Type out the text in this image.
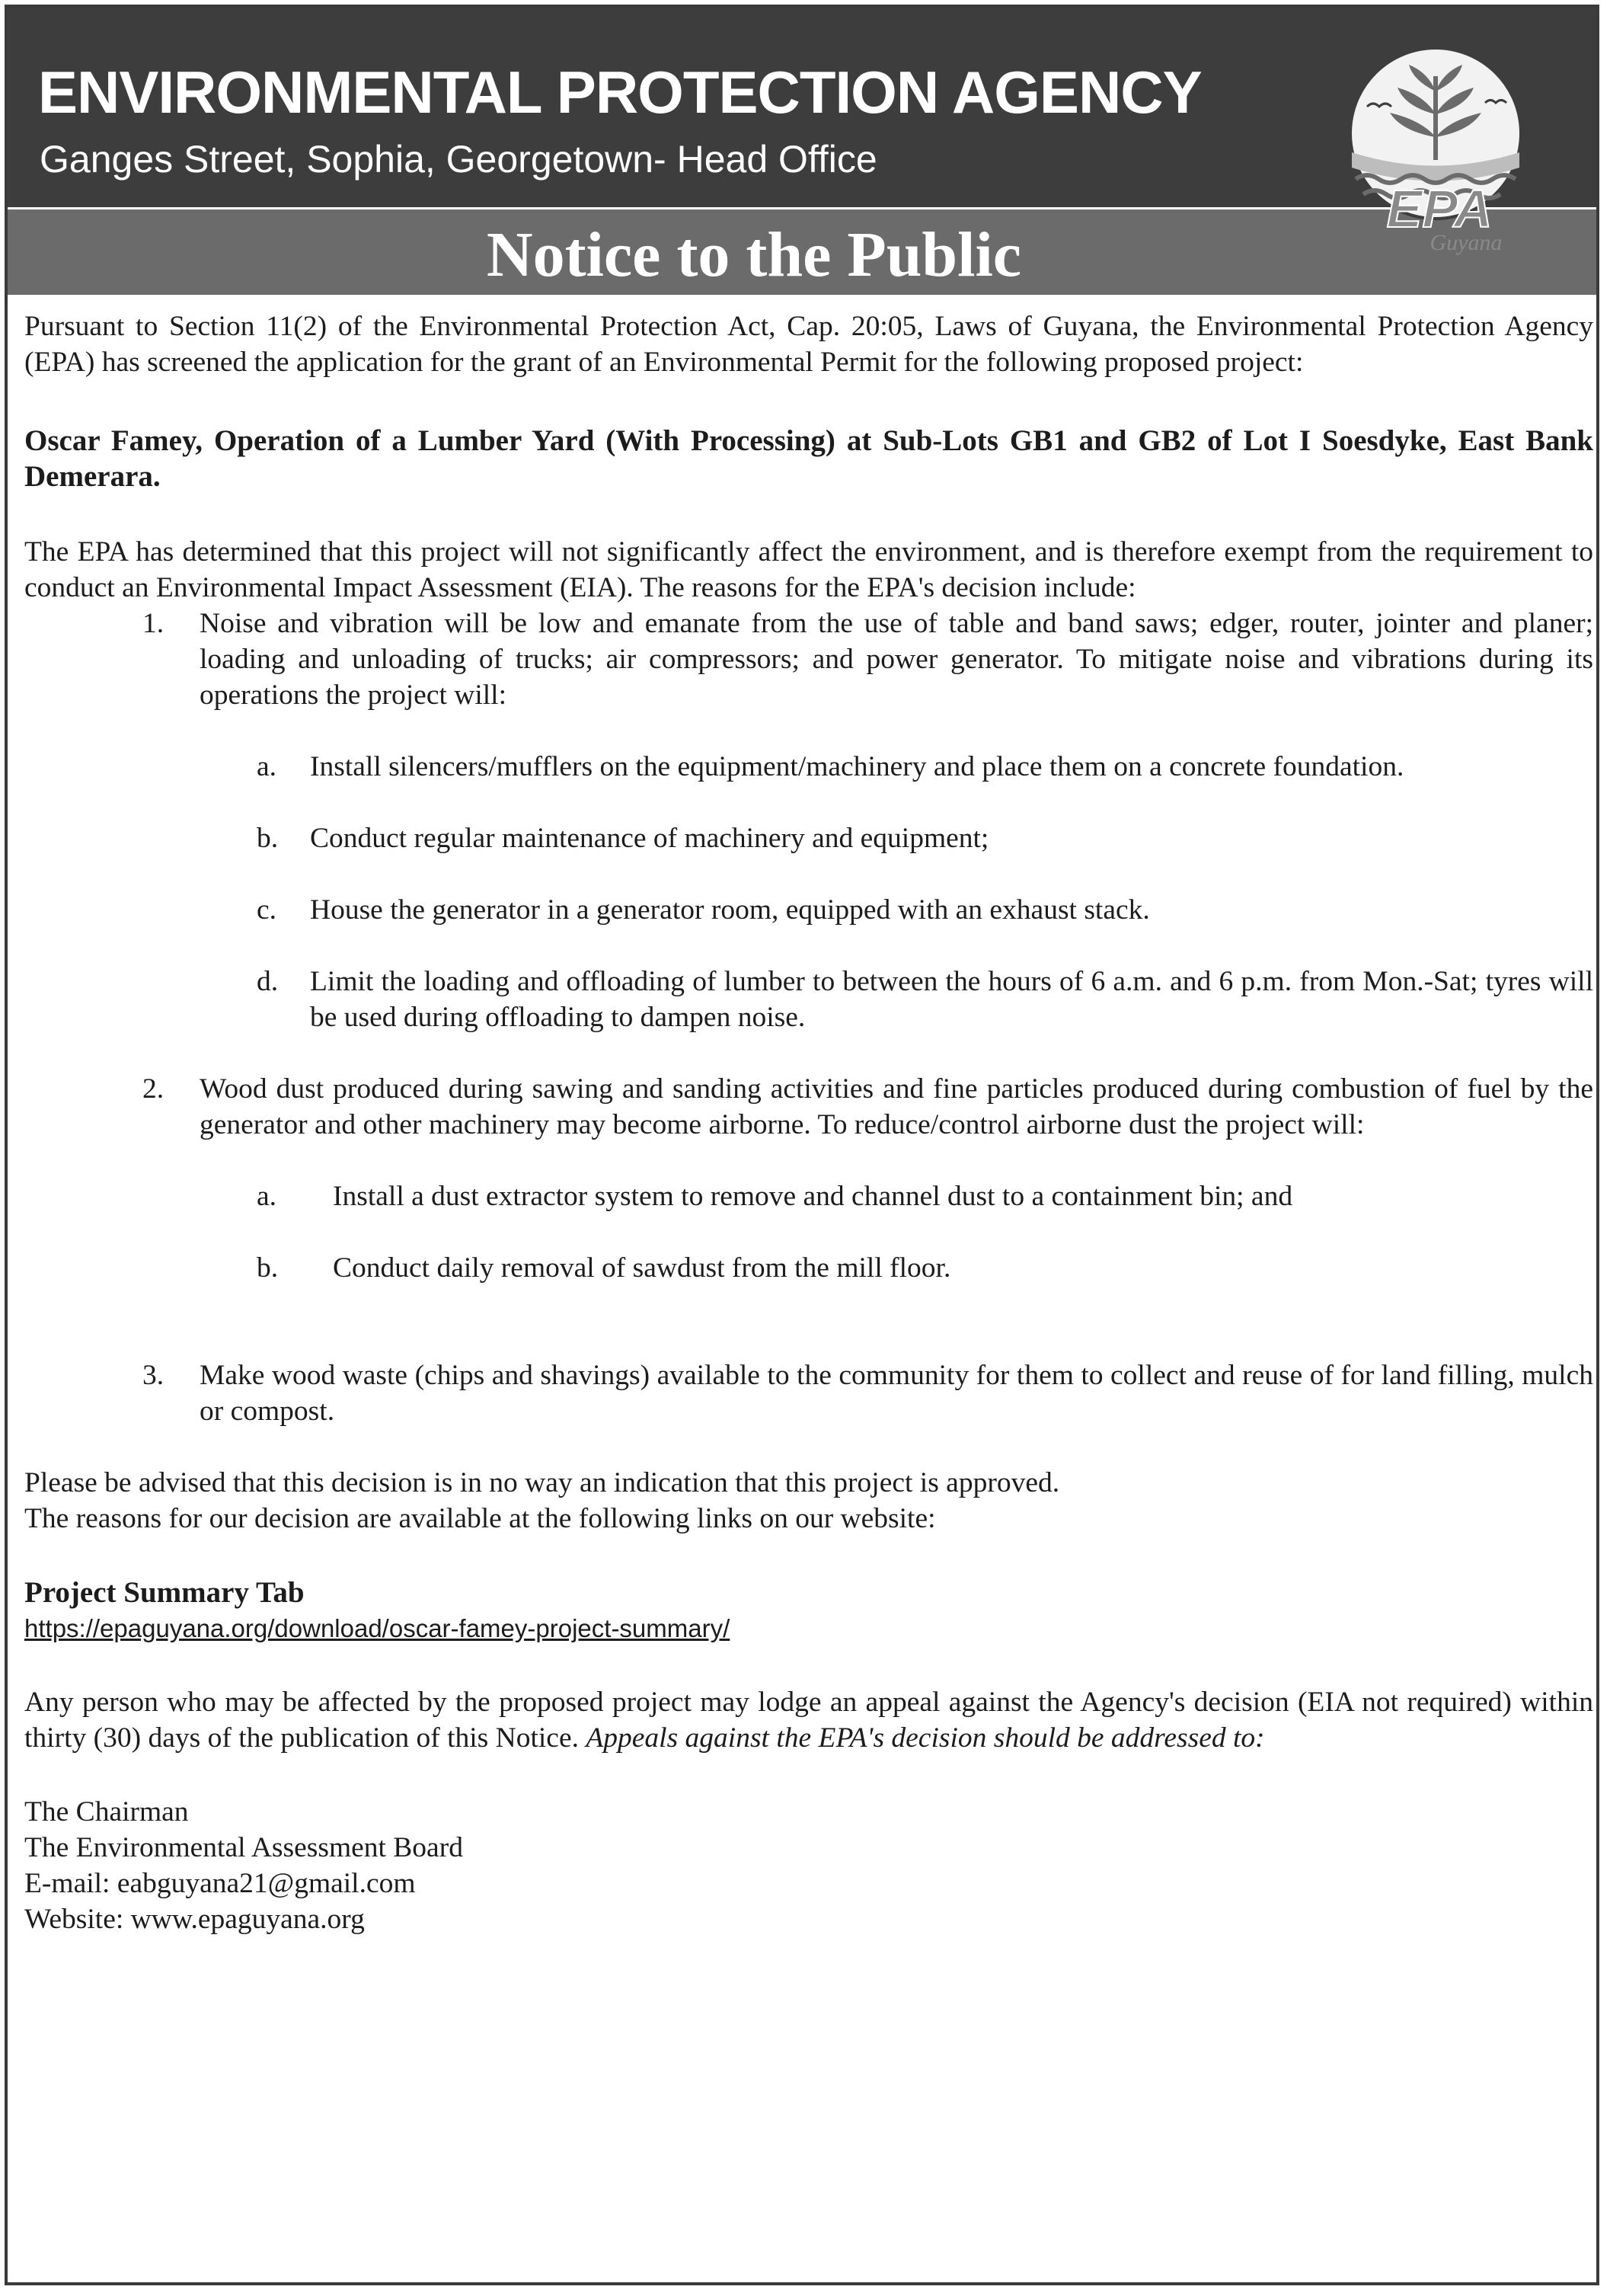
ENVIRONMENTAL PROTECTION AGENCY
Ganges Street, Sophia, Georgetown- Head Office
Notice to the Public
EPA
Guyana

Pursuant to Section 11(2) of the Environmental Protection Act, Cap. 20:05, Laws of Guyana, the Environmental Protection Agency (EPA) has screened the application for the grant of an Environmental Permit for the following proposed project:

Oscar Famey, Operation of a Lumber Yard (With Processing) at Sub-Lots GB1 and GB2 of Lot I Soesdyke, East Bank Demerara.

The EPA has determined that this project will not significantly affect the environment, and is therefore exempt from the requirement to conduct an Environmental Impact Assessment (EIA). The reasons for the EPA's decision include:

1. Noise and vibration will be low and emanate from the use of table and band saws; edger, router, jointer and planer; loading and unloading of trucks; air compressors; and power generator. To mitigate noise and vibrations during its operations the project will:
a. Install silencers/mufflers on the equipment/machinery and place them on a concrete foundation.
b. Conduct regular maintenance of machinery and equipment;
c. House the generator in a generator room, equipped with an exhaust stack.
d. Limit the loading and offloading of lumber to between the hours of 6 a.m. and 6 p.m. from Mon.-Sat; tyres will be used during offloading to dampen noise.
2. Wood dust produced during sawing and sanding activities and fine particles produced during combustion of fuel by the generator and other machinery may become airborne. To reduce/control airborne dust the project will:
a. Install a dust extractor system to remove and channel dust to a containment bin; and
b. Conduct daily removal of sawdust from the mill floor.
3. Make wood waste (chips and shavings) available to the community for them to collect and reuse of for land filling, mulch or compost.

Please be advised that this decision is in no way an indication that this project is approved.

The reasons for our decision are available at the following links on our website:

Project Summary Tab

https://epaguyana.org/download/oscar-famey-project-summary/

Any person who may be affected by the proposed project may lodge an appeal against the Agency's decision (EIA not required) within thirty (30) days of the publication of this Notice. Appeals against the EPA's decision should be addressed to:

The Chairman

The Environmental Assessment Board

E-mail: eabguyana21@gmail.com

Website: www.epaguyana.org
